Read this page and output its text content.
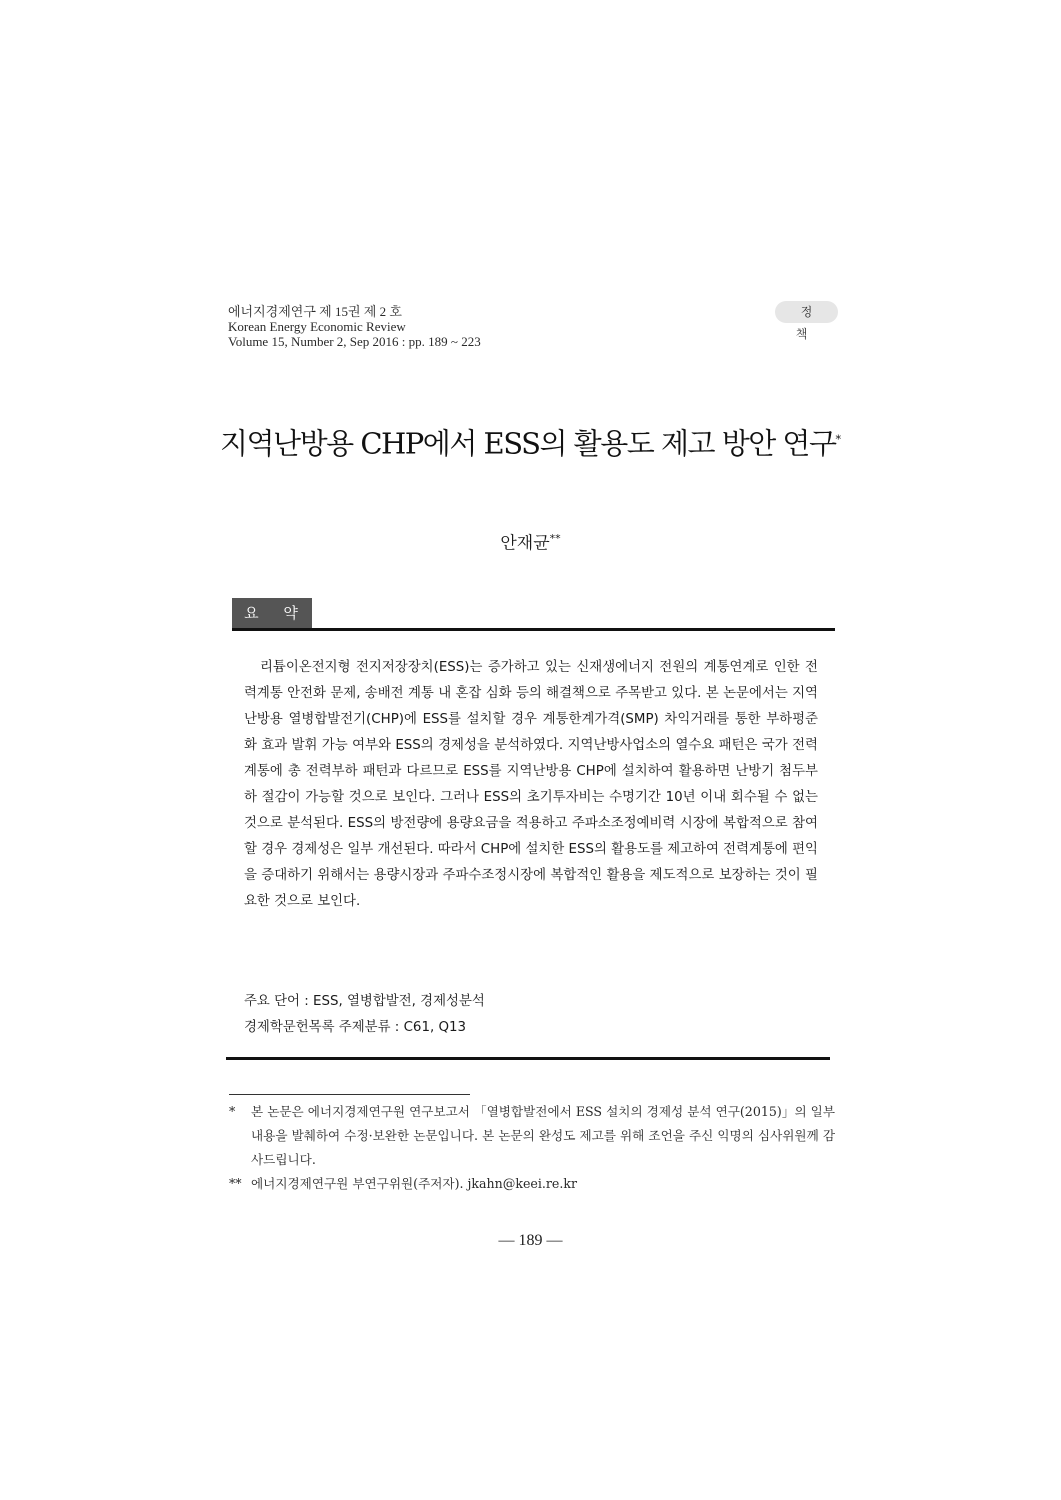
에너지경제연구 제 15권 제 2 호
Korean Energy Economic Review
Volume 15, Number 2, Sep 2016 : pp. 189 ~ 223
정 책
지역난방용 CHP에서 ESS의 활용도 제고 방안 연구*
안재균**
요 약
리튬이온전지형 전지저장장치(ESS)는 증가하고 있는 신재생에너지 전원의 계통연계로 인한 전력계통 안전화 문제, 송배전 계통 내 혼잡 심화 등의 해결책으로 주목받고 있다. 본 논문에서는 지역난방용 열병합발전기(CHP)에 ESS를 설치할 경우 계통한계가격(SMP) 차익거래를 통한 부하평준화 효과 발휘 가능 여부와 ESS의 경제성을 분석하였다. 지역난방사업소의 열수요 패턴은 국가 전력계통에 총 전력부하 패턴과 다르므로 ESS를 지역난방용 CHP에 설치하여 활용하면 난방기 첨두부하 절감이 가능할 것으로 보인다. 그러나 ESS의 초기투자비는 수명기간 10년 이내 회수될 수 없는 것으로 분석된다. ESS의 방전량에 용량요금을 적용하고 주파소조정예비력 시장에 복합적으로 참여할 경우 경제성은 일부 개선된다. 따라서 CHP에 설치한 ESS의 활용도를 제고하여 전력계통에 편익을 증대하기 위해서는 용량시장과 주파수조정시장에 복합적인 활용을 제도적으로 보장하는 것이 필요한 것으로 보인다.
주요 단어 : ESS, 열병합발전, 경제성분석
경제학문헌목록 주제분류 : C61, Q13
* 본 논문은 에너지경제연구원 연구보고서 「열병합발전에서 ESS 설치의 경제성 분석 연구(2015)」의 일부 내용을 발췌하여 수정·보완한 논문입니다. 본 논문의 완성도 제고를 위해 조언을 주신 익명의 심사위원께 감사드립니다.
** 에너지경제연구원 부연구위원(주저자). jkahn@keei.re.kr
— 189 —
